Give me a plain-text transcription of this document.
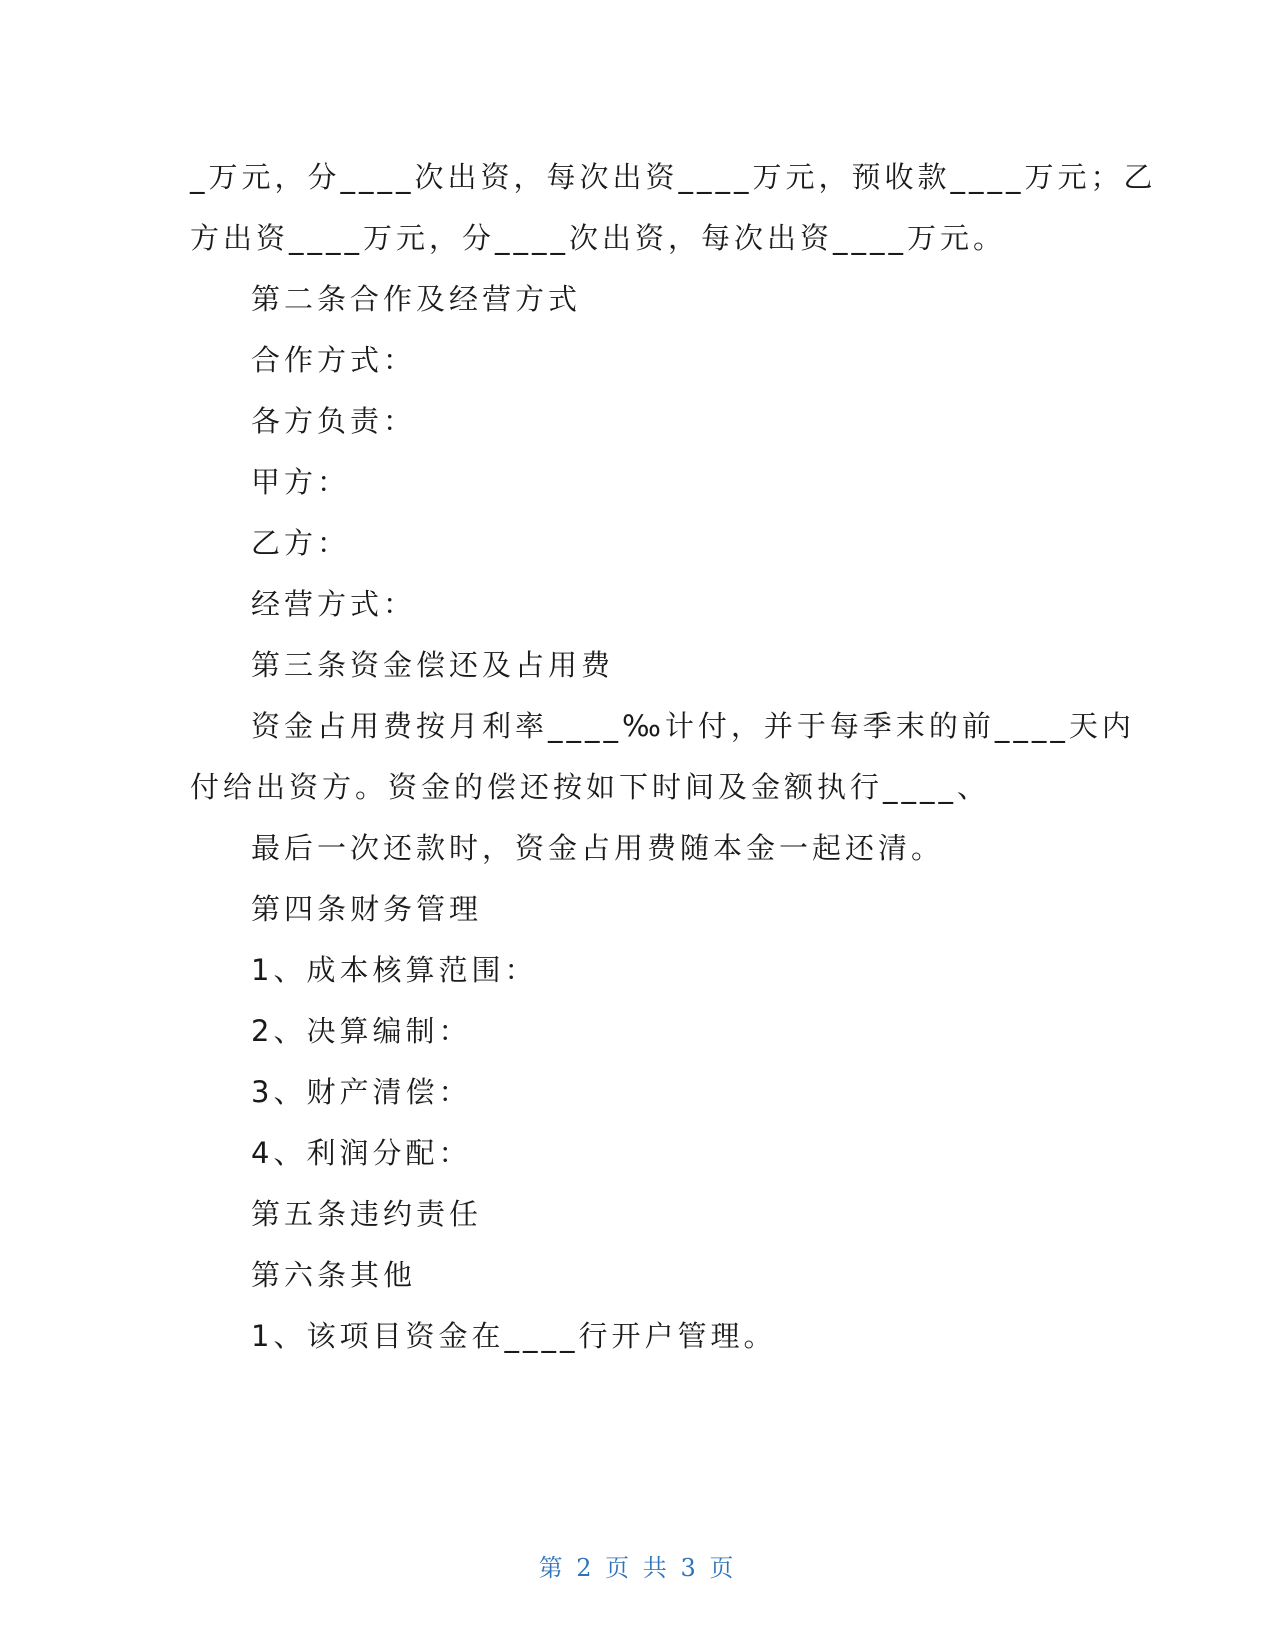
_万元，分____次出资，每次出资____万元，预收款____万元；乙
方出资____万元，分____次出资，每次出资____万元。
第二条合作及经营方式
合作方式：
各方负责：
甲方：
乙方：
经营方式：
第三条资金偿还及占用费
资金占用费按月利率____‰计付，并于每季末的前____天内
付给出资方。资金的偿还按如下时间及金额执行____、
最后一次还款时，资金占用费随本金一起还清。
第四条财务管理
1、成本核算范围：
2、决算编制：
3、财产清偿：
4、利润分配：
第五条违约责任
第六条其他
1、该项目资金在____行开户管理。
第 2 页 共 3 页
